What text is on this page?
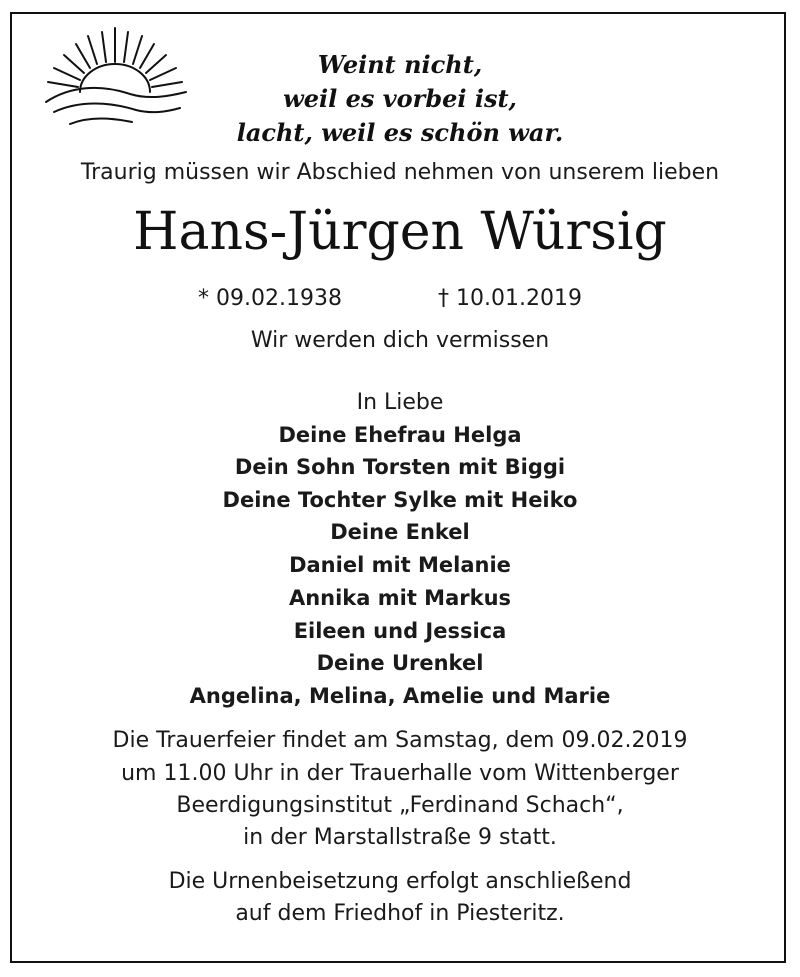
Weint nicht,
weil es vorbei ist,
lacht, weil es schön war.
Traurig müssen wir Abschied nehmen von unserem lieben
Hans-Jürgen Würsig
* 09.02.1938	† 10.01.2019
Wir werden dich vermissen
In Liebe
Deine Ehefrau Helga
Dein Sohn Torsten mit Biggi
Deine Tochter Sylke mit Heiko
Deine Enkel
Daniel mit Melanie
Annika mit Markus
Eileen und Jessica
Deine Urenkel
Angelina, Melina, Amelie und Marie
Die Trauerfeier findet am Samstag, dem 09.02.2019
um 11.00 Uhr in der Trauerhalle vom Wittenberger
Beerdigungsinstitut „Ferdinand Schach“,
in der Marstallstraße 9 statt.
Die Urnenbeisetzung erfolgt anschließend
auf dem Friedhof in Piesteritz.
